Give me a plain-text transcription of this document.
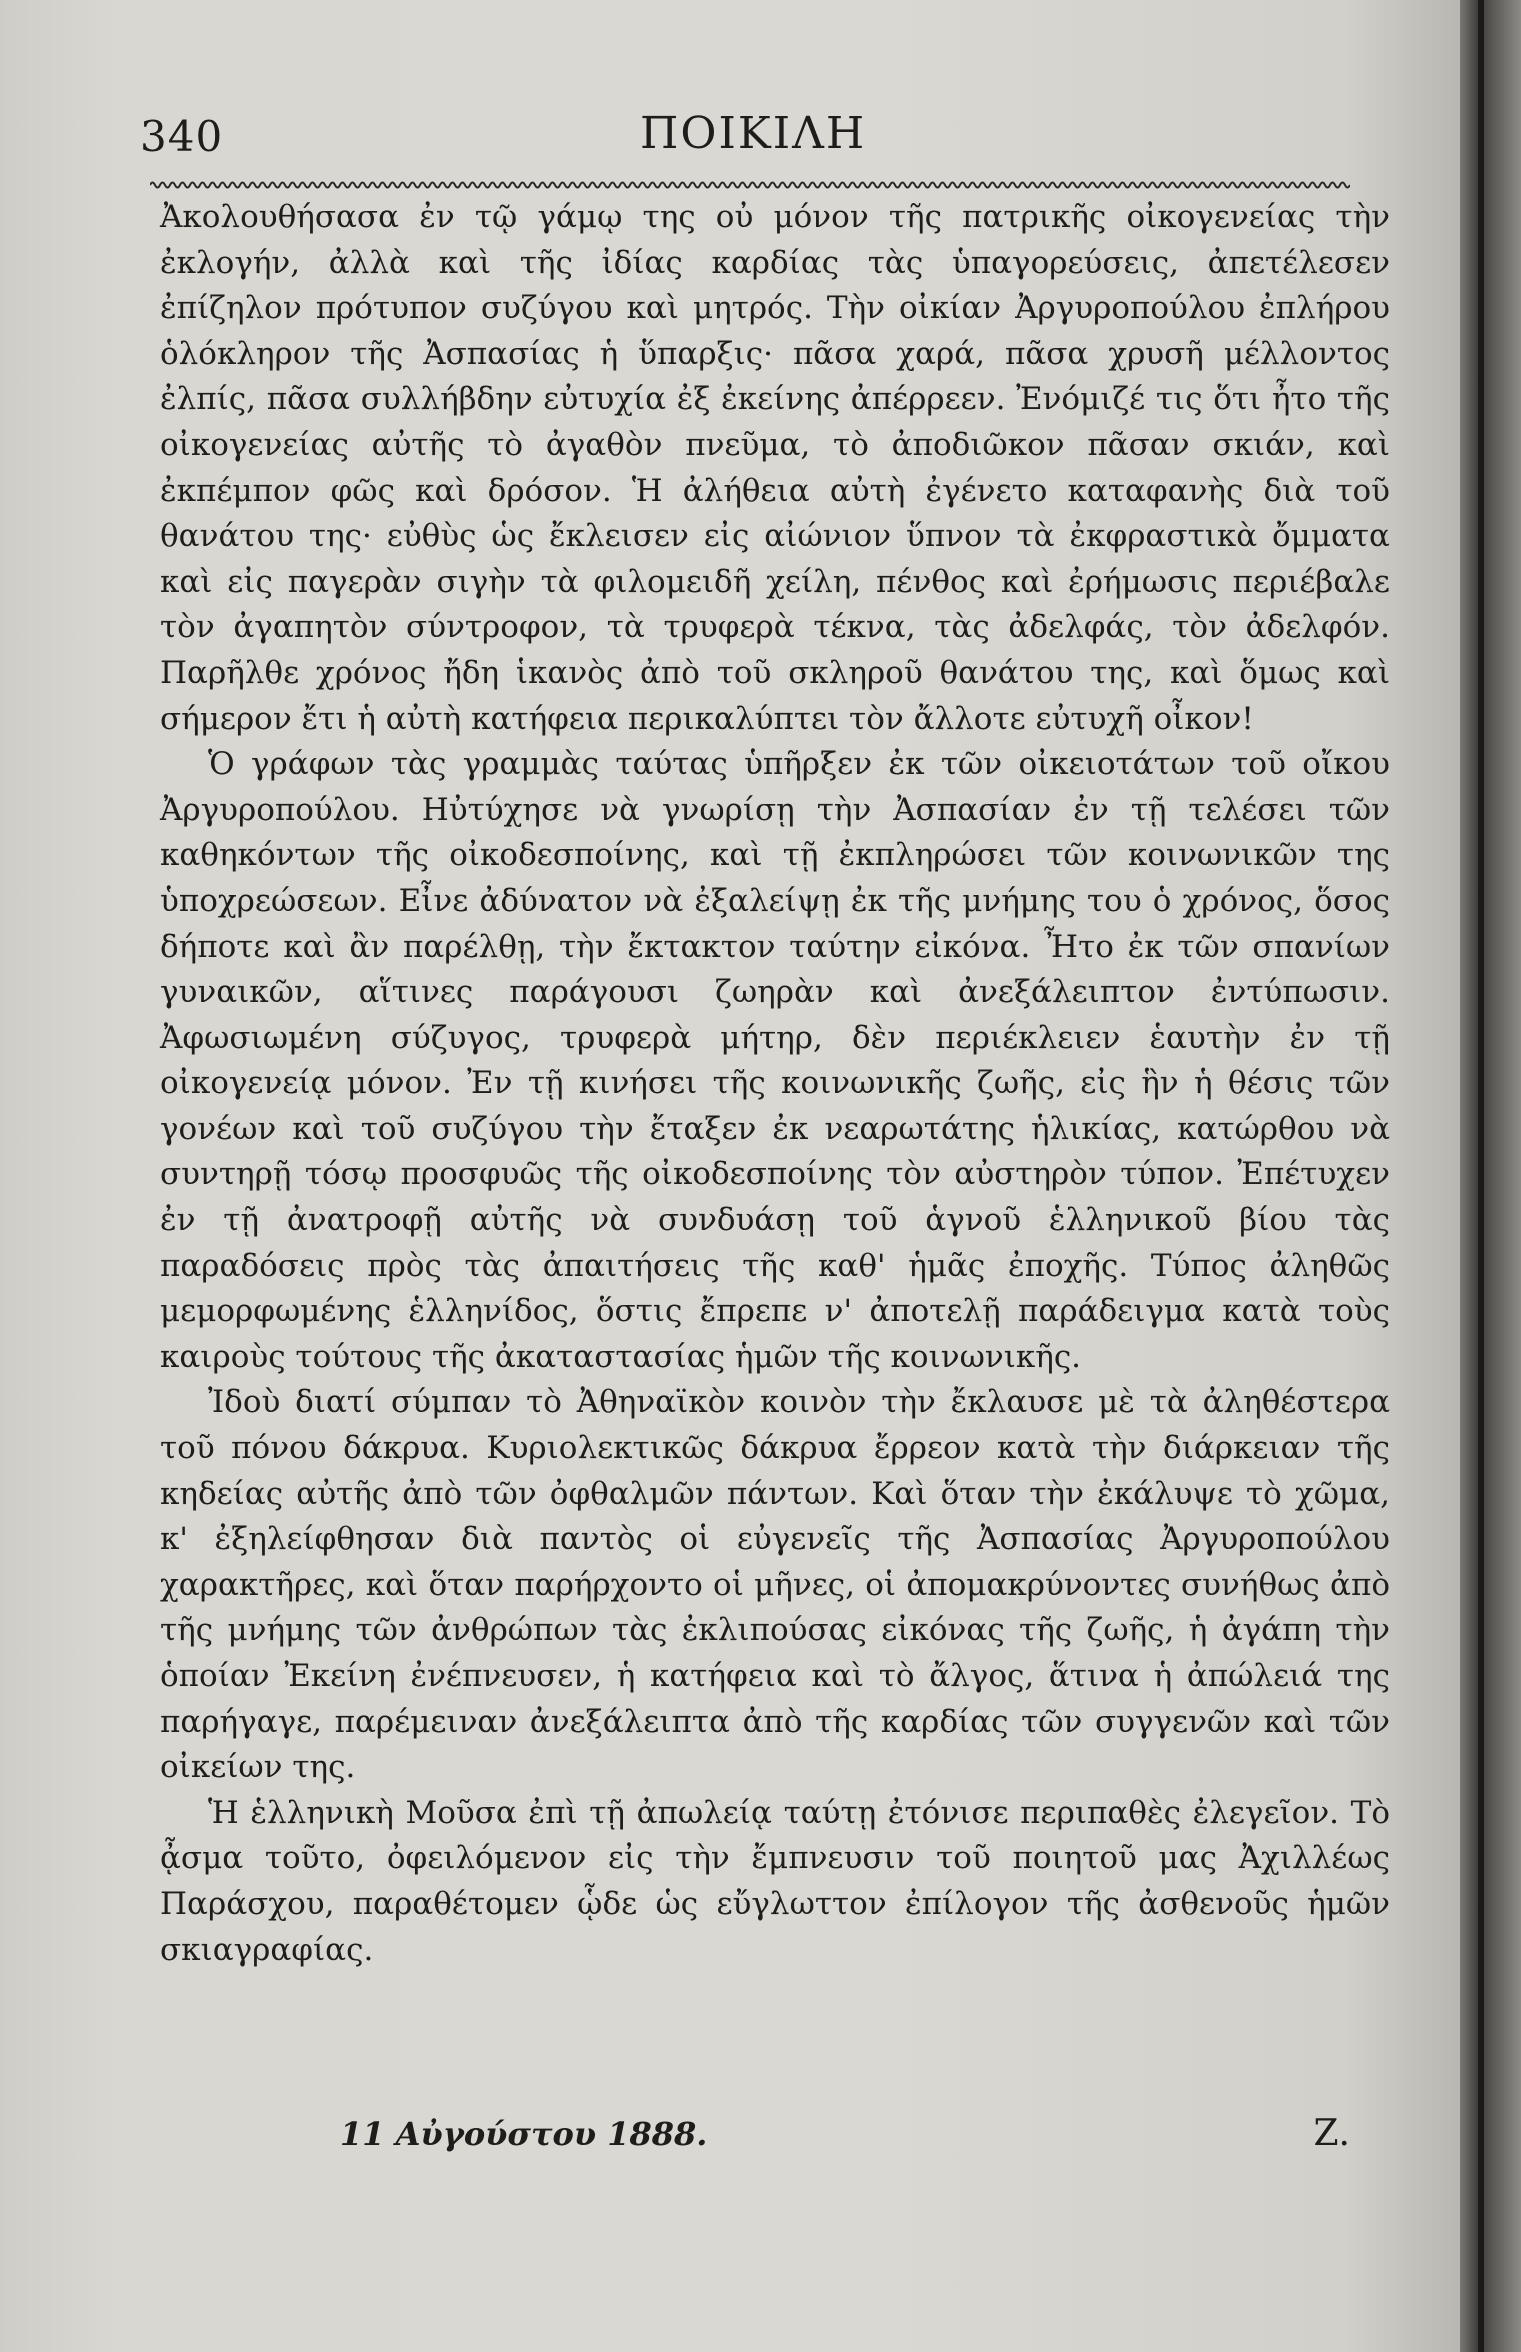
340	ΠΟΙΚΙΛΗ

Ἀκολουθήσασα ἐν τῷ γάμῳ της οὐ μόνον τῆς πατρικῆς οἰκογενείας τὴν ἐκλογήν, ἀλλὰ καὶ τῆς ἰδίας καρδίας τὰς ὑπαγορεύσεις, ἀπετέλεσεν ἐπίζηλον πρότυπον συζύγου καὶ μητρός. Τὴν οἰκίαν Ἀργυροπούλου ἐπλήρου ὁλόκληρον τῆς Ἀσπασίας ἡ ὕπαρξις· πᾶσα χαρά, πᾶσα χρυσῆ μέλλοντος ἐλπίς, πᾶσα συλλήβδην εὐτυχία ἐξ ἐκείνης ἀπέρρεεν. Ἐνόμιζέ τις ὅτι ἦτο τῆς οἰκογενείας αὐτῆς τὸ ἀγαθὸν πνεῦμα, τὸ ἀποδιῶκον πᾶσαν σκιάν, καὶ ἐκπέμπον φῶς καὶ δρόσον. Ἡ ἀλήθεια αὐτὴ ἐγένετο καταφανὴς διὰ τοῦ θανάτου της· εὐθὺς ὡς ἔκλεισεν εἰς αἰώνιον ὕπνον τὰ ἐκφραστικὰ ὄμματα καὶ εἰς παγερὰν σιγὴν τὰ φιλομειδῆ χείλη, πένθος καὶ ἐρήμωσις περιέβαλε τὸν ἀγαπητὸν σύντροφον, τὰ τρυφερὰ τέκνα, τὰς ἀδελφάς, τὸν ἀδελφόν. Παρῆλθε χρόνος ἤδη ἱκανὸς ἀπὸ τοῦ σκληροῦ θανάτου της, καὶ ὅμως καὶ σήμερον ἔτι ἡ αὐτὴ κατήφεια περικαλύπτει τὸν ἄλλοτε εὐτυχῆ οἶκον!

Ὁ γράφων τὰς γραμμὰς ταύτας ὑπῆρξεν ἐκ τῶν οἰκειοτάτων τοῦ οἴκου Ἀργυροπούλου. Ηὐτύχησε νὰ γνωρίσῃ τὴν Ἀσπασίαν ἐν τῇ τελέσει τῶν καθηκόντων τῆς οἰκοδεσποίνης, καὶ τῇ ἐκπληρώσει τῶν κοινωνικῶν της ὑποχρεώσεων. Εἶνε ἀδύνατον νὰ ἐξαλείψῃ ἐκ τῆς μνήμης του ὁ χρόνος, ὅσος δήποτε καὶ ἂν παρέλθῃ, τὴν ἔκτακτον ταύτην εἰκόνα. Ἦτο ἐκ τῶν σπανίων γυναικῶν, αἵτινες παράγουσι ζωηρὰν καὶ ἀνεξάλειπτον ἐντύπωσιν. Ἀφωσιωμένη σύζυγος, τρυφερὰ μήτηρ, δὲν περιέκλειεν ἑαυτὴν ἐν τῇ οἰκογενείᾳ μόνον. Ἐν τῇ κινήσει τῆς κοινωνικῆς ζωῆς, εἰς ἣν ἡ θέσις τῶν γονέων καὶ τοῦ συζύγου τὴν ἔταξεν ἐκ νεαρωτάτης ἡλικίας, κατώρθου νὰ συντηρῇ τόσῳ προσφυῶς τῆς οἰκοδεσποίνης τὸν αὐστηρὸν τύπον. Ἐπέτυχεν ἐν τῇ ἀνατροφῇ αὐτῆς νὰ συνδυάσῃ τοῦ ἁγνοῦ ἑλληνικοῦ βίου τὰς παραδόσεις πρὸς τὰς ἀπαιτήσεις τῆς καθ' ἡμᾶς ἐποχῆς. Τύπος ἀληθῶς μεμορφωμένης ἑλληνίδος, ὅστις ἔπρεπε ν' ἀποτελῇ παράδειγμα κατὰ τοὺς καιροὺς τούτους τῆς ἀκαταστασίας ἡμῶν τῆς κοινωνικῆς.

Ἰδοὺ διατί σύμπαν τὸ Ἀθηναϊκὸν κοινὸν τὴν ἔκλαυσε μὲ τὰ ἀληθέστερα τοῦ πόνου δάκρυα. Κυριολεκτικῶς δάκρυα ἔρρεον κατὰ τὴν διάρκειαν τῆς κηδείας αὐτῆς ἀπὸ τῶν ὀφθαλμῶν πάντων. Καὶ ὅταν τὴν ἐκάλυψε τὸ χῶμα, κ' ἐξηλείφθησαν διὰ παντὸς οἱ εὐγενεῖς τῆς Ἀσπασίας Ἀργυροπούλου χαρακτῆρες, καὶ ὅταν παρήρχοντο οἱ μῆνες, οἱ ἀπομακρύνοντες συνήθως ἀπὸ τῆς μνήμης τῶν ἀνθρώπων τὰς ἐκλιπούσας εἰκόνας τῆς ζωῆς, ἡ ἀγάπη τὴν ὁποίαν Ἐκείνη ἐνέπνευσεν, ἡ κατήφεια καὶ τὸ ἄλγος, ἅτινα ἡ ἀπώλειά της παρήγαγε, παρέμειναν ἀνεξάλειπτα ἀπὸ τῆς καρδίας τῶν συγγενῶν καὶ τῶν οἰκείων της.

Ἡ ἑλληνικὴ Μοῦσα ἐπὶ τῇ ἀπωλείᾳ ταύτῃ ἐτόνισε περιπαθὲς ἐλεγεῖον. Τὸ ᾆσμα τοῦτο, ὀφειλόμενον εἰς τὴν ἔμπνευσιν τοῦ ποιητοῦ μας Ἀχιλλέως Παράσχου, παραθέτομεν ᾧδε ὡς εὔγλωττον ἐπίλογον τῆς ἀσθενοῦς ἡμῶν σκιαγραφίας.

11 Αὐγούστου 1888.	Ζ.
